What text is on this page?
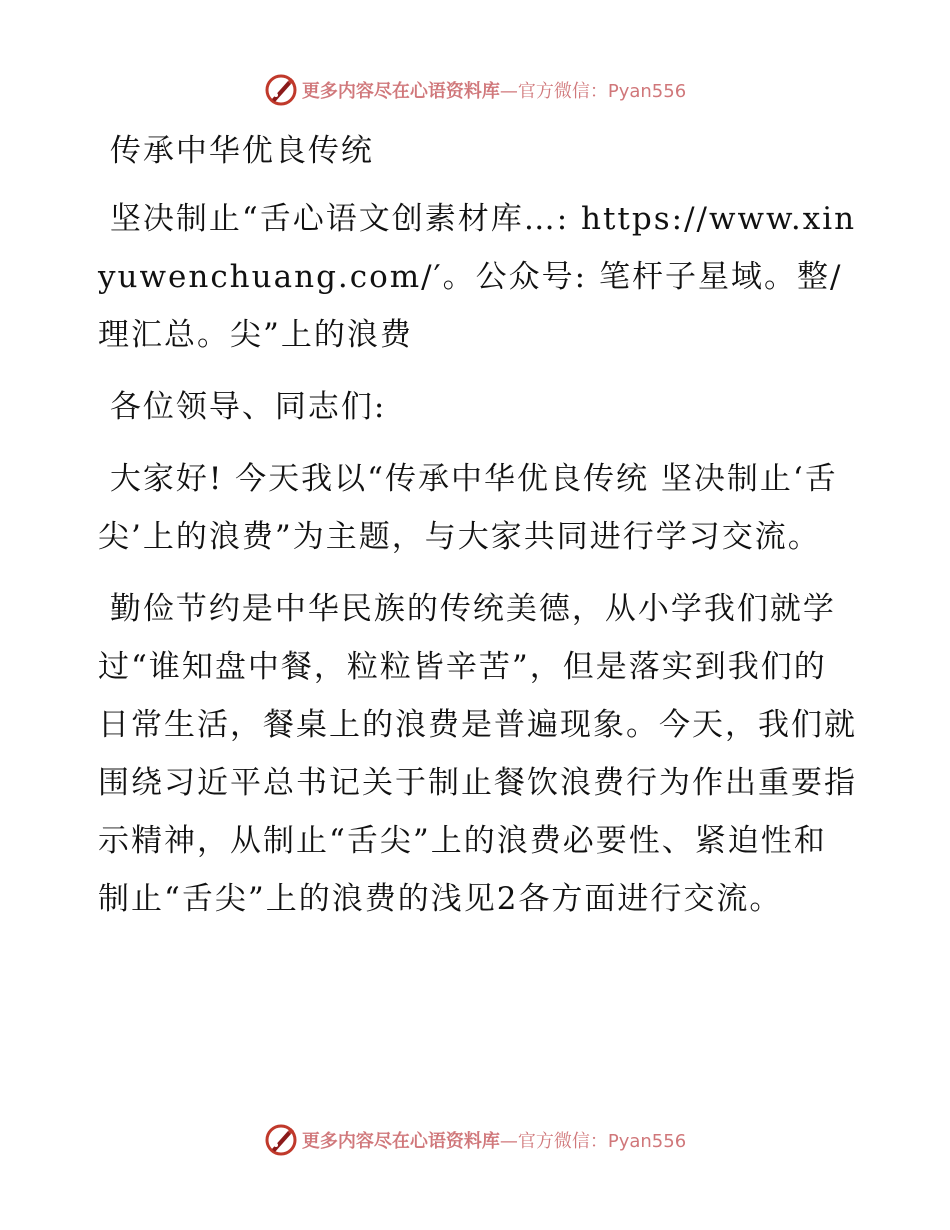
更多内容尽在心语资料库—官方微信：Pyan556

传承中华优良传统

坚决制止“舌心语文创素材库…: https://www.xinyuwenchuang.com/′。公众号: 笔杆子星域。整/理汇总。尖”上的浪费

各位领导、同志们:

大家好! 今天我以“传承中华优良传统 坚决制止‘舌尖’上的浪费”为主题，与大家共同进行学习交流。

勤俭节约是中华民族的传统美德，从小学我们就学过“谁知盘中餐，粒粒皆辛苦”，但是落实到我们的日常生活，餐桌上的浪费是普遍现象。今天，我们就围绕习近平总书记关于制止餐饮浪费行为作出重要指示精神，从制止“舌尖”上的浪费必要性、紧迫性和制止“舌尖”上的浪费的浅见2各方面进行交流。

更多内容尽在心语资料库—官方微信：Pyan556
